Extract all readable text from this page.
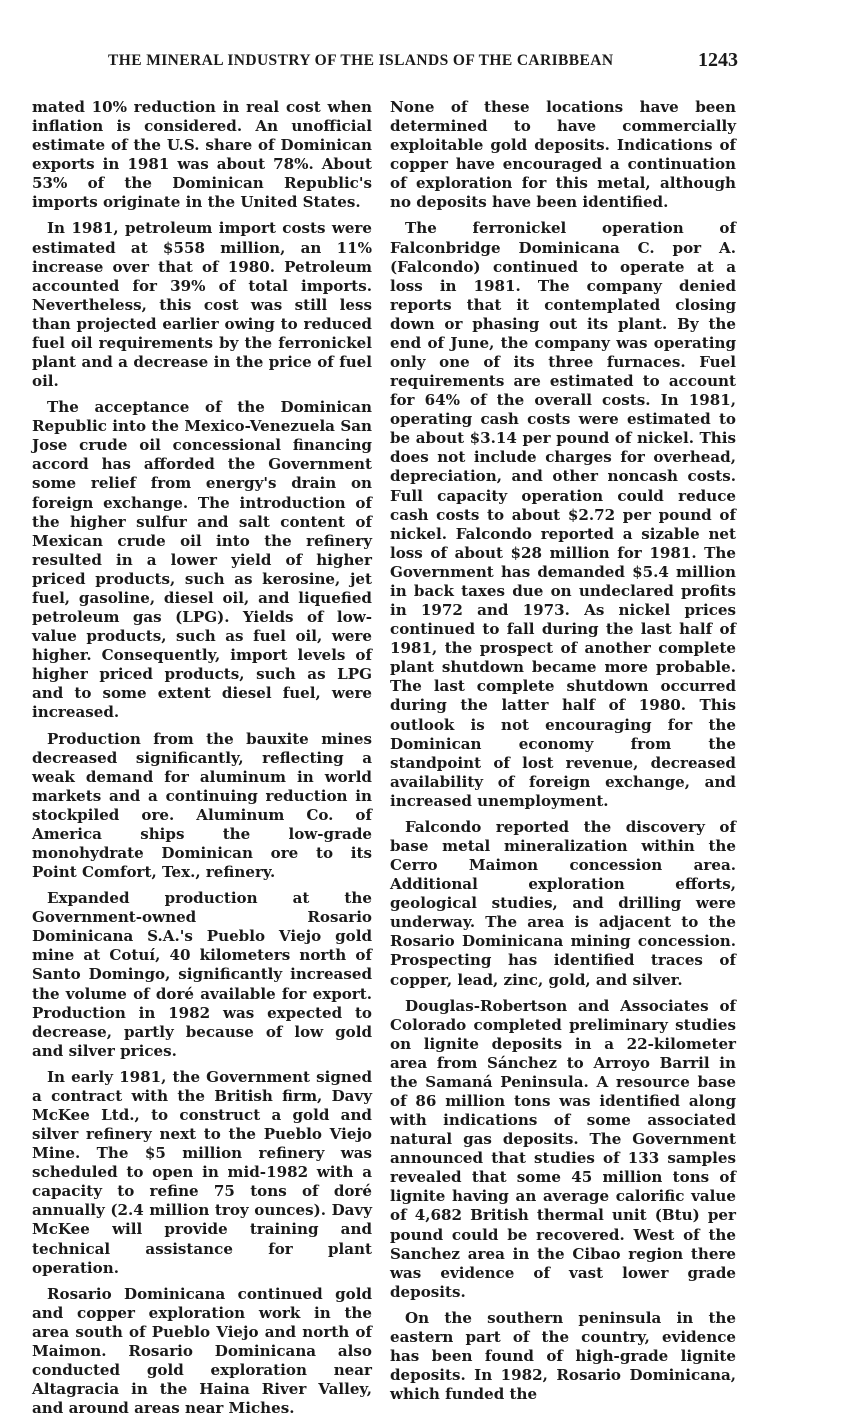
THE MINERAL INDUSTRY OF THE ISLANDS OF THE CARIBBEAN	1243

mated 10% reduction in real cost when inflation is considered. An unofficial estimate of the U.S. share of Dominican exports in 1981 was about 78%. About 53% of the Dominican Republic's imports originate in the United States.

In 1981, petroleum import costs were estimated at $558 million, an 11% increase over that of 1980. Petroleum accounted for 39% of total imports. Nevertheless, this cost was still less than projected earlier owing to reduced fuel oil requirements by the ferronickel plant and a decrease in the price of fuel oil.

The acceptance of the Dominican Republic into the Mexico-Venezuela San Jose crude oil concessional financing accord has afforded the Government some relief from energy's drain on foreign exchange. The introduction of the higher sulfur and salt content of Mexican crude oil into the refinery resulted in a lower yield of higher priced products, such as kerosine, jet fuel, gasoline, diesel oil, and liquefied petroleum gas (LPG). Yields of low-value products, such as fuel oil, were higher. Consequently, import levels of higher priced products, such as LPG and to some extent diesel fuel, were increased.

Production from the bauxite mines decreased significantly, reflecting a weak demand for aluminum in world markets and a continuing reduction in stockpiled ore. Aluminum Co. of America ships the low-grade monohydrate Dominican ore to its Point Comfort, Tex., refinery.

Expanded production at the Government-owned Rosario Dominicana S.A.'s Pueblo Viejo gold mine at Cotuí, 40 kilometers north of Santo Domingo, significantly increased the volume of doré available for export. Production in 1982 was expected to decrease, partly because of low gold and silver prices.

In early 1981, the Government signed a contract with the British firm, Davy McKee Ltd., to construct a gold and silver refinery next to the Pueblo Viejo Mine. The $5 million refinery was scheduled to open in mid-1982 with a capacity to refine 75 tons of doré annually (2.4 million troy ounces). Davy McKee will provide training and technical assistance for plant operation.

Rosario Dominicana continued gold and copper exploration work in the area south of Pueblo Viejo and north of Maimon. Rosario Dominicana also conducted gold exploration near Altagracia in the Haina River Valley, and around areas near Miches.

None of these locations have been determined to have commercially exploitable gold deposits. Indications of copper have encouraged a continuation of exploration for this metal, although no deposits have been identified.

The ferronickel operation of Falconbridge Dominicana C. por A. (Falcondo) continued to operate at a loss in 1981. The company denied reports that it contemplated closing down or phasing out its plant. By the end of June, the company was operating only one of its three furnaces. Fuel requirements are estimated to account for 64% of the overall costs. In 1981, operating cash costs were estimated to be about $3.14 per pound of nickel. This does not include charges for overhead, depreciation, and other noncash costs. Full capacity operation could reduce cash costs to about $2.72 per pound of nickel. Falcondo reported a sizable net loss of about $28 million for 1981. The Government has demanded $5.4 million in back taxes due on undeclared profits in 1972 and 1973. As nickel prices continued to fall during the last half of 1981, the prospect of another complete plant shutdown became more probable. The last complete shutdown occurred during the latter half of 1980. This outlook is not encouraging for the Dominican economy from the standpoint of lost revenue, decreased availability of foreign exchange, and increased unemployment.

Falcondo reported the discovery of base metal mineralization within the Cerro Maimon concession area. Additional exploration efforts, geological studies, and drilling were underway. The area is adjacent to the Rosario Dominicana mining concession. Prospecting has identified traces of copper, lead, zinc, gold, and silver.

Douglas-Robertson and Associates of Colorado completed preliminary studies on lignite deposits in a 22-kilometer area from Sánchez to Arroyo Barril in the Samaná Peninsula. A resource base of 86 million tons was identified along with indications of some associated natural gas deposits. The Government announced that studies of 133 samples revealed that some 45 million tons of lignite having an average calorific value of 4,682 British thermal unit (Btu) per pound could be recovered. West of the Sanchez area in the Cibao region there was evidence of vast lower grade deposits.

On the southern peninsula in the eastern part of the country, evidence has been found of high-grade lignite deposits. In 1982, Rosario Dominicana, which funded the
